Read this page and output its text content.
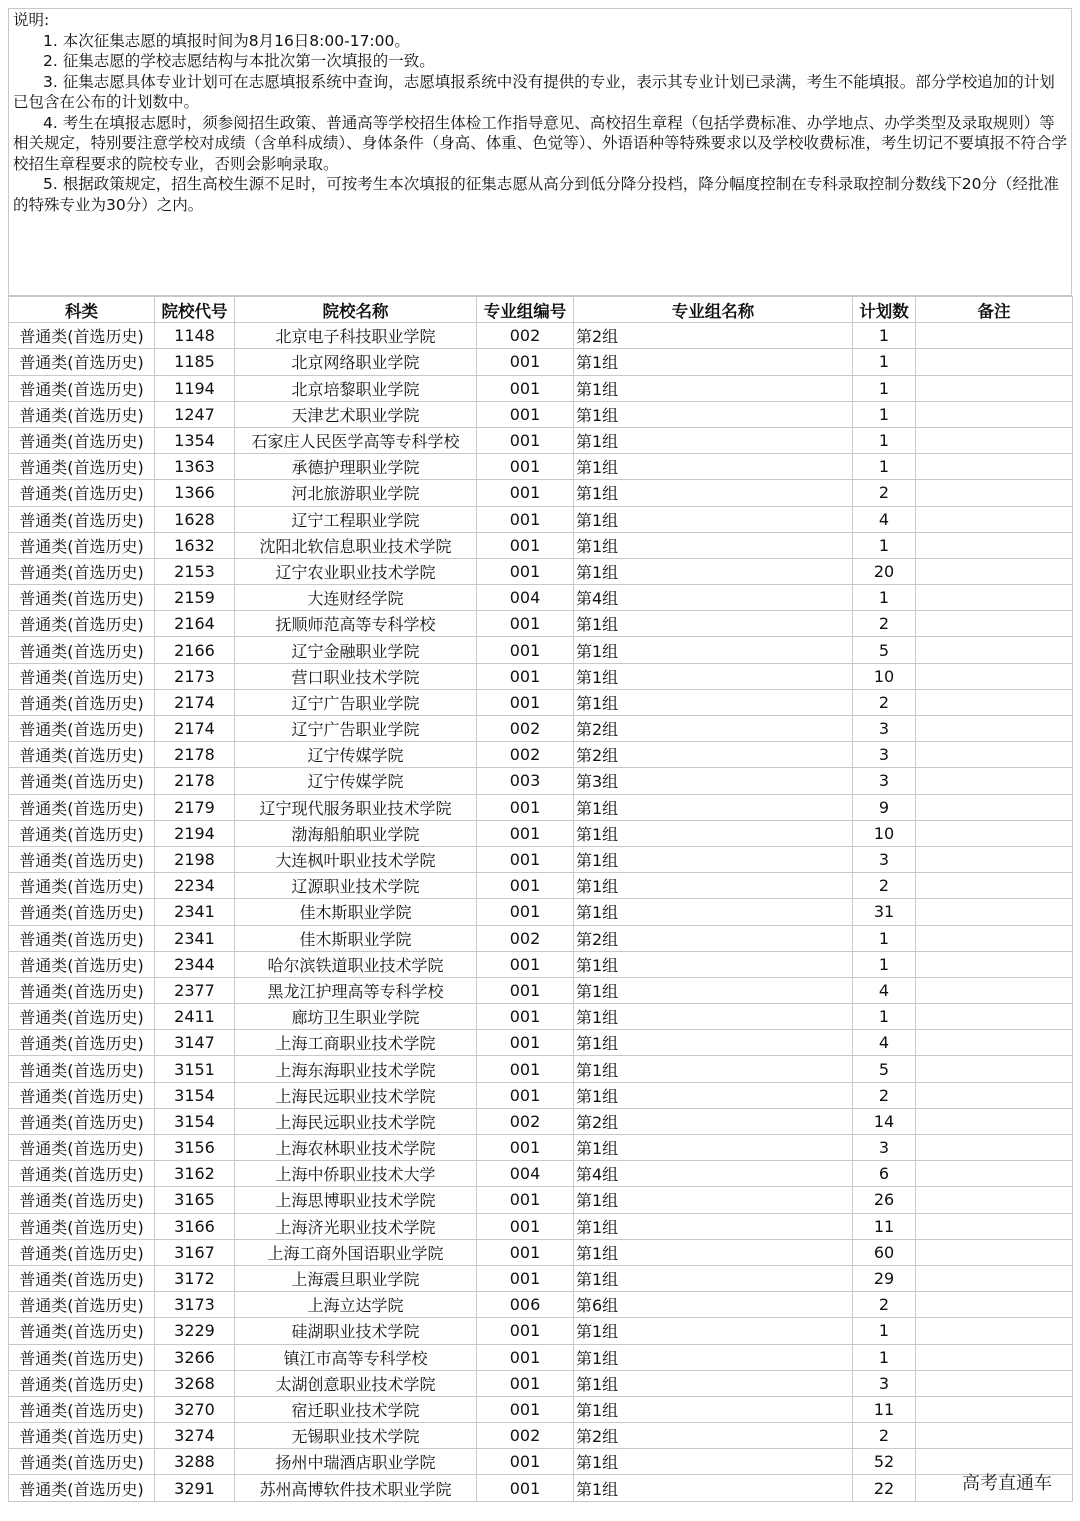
说明:

1. 本次征集志愿的填报时间为8月16日8:00-17:00。

2. 征集志愿的学校志愿结构与本批次第一次填报的一致。

3. 征集志愿具体专业计划可在志愿填报系统中查询，志愿填报系统中没有提供的专业，表示其专业计划已录满，考生不能填报。部分学校追加的计划已包含在公布的计划数中。

4. 考生在填报志愿时，须参阅招生政策、普通高等学校招生体检工作指导意见、高校招生章程（包括学费标准、办学地点、办学类型及录取规则）等相关规定，特别要注意学校对成绩（含单科成绩）、身体条件（身高、体重、色觉等）、外语语种等特殊要求以及学校收费标准，考生切记不要填报不符合学校招生章程要求的院校专业，否则会影响录取。

5. 根据政策规定，招生高校生源不足时，可按考生本次填报的征集志愿从高分到低分降分投档，降分幅度控制在专科录取控制分数线下20分（经批准的特殊专业为30分）之内。

科类	院校代号	院校名称	专业组编号	专业组名称	计划数	备注
普通类(首选历史)	1148	北京电子科技职业学院	002	第2组	1	
普通类(首选历史)	1185	北京网络职业学院	001	第1组	1	
普通类(首选历史)	1194	北京培黎职业学院	001	第1组	1	
普通类(首选历史)	1247	天津艺术职业学院	001	第1组	1	
普通类(首选历史)	1354	石家庄人民医学高等专科学校	001	第1组	1	
普通类(首选历史)	1363	承德护理职业学院	001	第1组	1	
普通类(首选历史)	1366	河北旅游职业学院	001	第1组	2	
普通类(首选历史)	1628	辽宁工程职业学院	001	第1组	4	
普通类(首选历史)	1632	沈阳北软信息职业技术学院	001	第1组	1	
普通类(首选历史)	2153	辽宁农业职业技术学院	001	第1组	20	
普通类(首选历史)	2159	大连财经学院	004	第4组	1	
普通类(首选历史)	2164	抚顺师范高等专科学校	001	第1组	2	
普通类(首选历史)	2166	辽宁金融职业学院	001	第1组	5	
普通类(首选历史)	2173	营口职业技术学院	001	第1组	10	
普通类(首选历史)	2174	辽宁广告职业学院	001	第1组	2	
普通类(首选历史)	2174	辽宁广告职业学院	002	第2组	3	
普通类(首选历史)	2178	辽宁传媒学院	002	第2组	3	
普通类(首选历史)	2178	辽宁传媒学院	003	第3组	3	
普通类(首选历史)	2179	辽宁现代服务职业技术学院	001	第1组	9	
普通类(首选历史)	2194	渤海船舶职业学院	001	第1组	10	
普通类(首选历史)	2198	大连枫叶职业技术学院	001	第1组	3	
普通类(首选历史)	2234	辽源职业技术学院	001	第1组	2	
普通类(首选历史)	2341	佳木斯职业学院	001	第1组	31	
普通类(首选历史)	2341	佳木斯职业学院	002	第2组	1	
普通类(首选历史)	2344	哈尔滨铁道职业技术学院	001	第1组	1	
普通类(首选历史)	2377	黑龙江护理高等专科学校	001	第1组	4	
普通类(首选历史)	2411	廊坊卫生职业学院	001	第1组	1	
普通类(首选历史)	3147	上海工商职业技术学院	001	第1组	4	
普通类(首选历史)	3151	上海东海职业技术学院	001	第1组	5	
普通类(首选历史)	3154	上海民远职业技术学院	001	第1组	2	
普通类(首选历史)	3154	上海民远职业技术学院	002	第2组	14	
普通类(首选历史)	3156	上海农林职业技术学院	001	第1组	3	
普通类(首选历史)	3162	上海中侨职业技术大学	004	第4组	6	
普通类(首选历史)	3165	上海思博职业技术学院	001	第1组	26	
普通类(首选历史)	3166	上海济光职业技术学院	001	第1组	11	
普通类(首选历史)	3167	上海工商外国语职业学院	001	第1组	60	
普通类(首选历史)	3172	上海震旦职业学院	001	第1组	29	
普通类(首选历史)	3173	上海立达学院	006	第6组	2	
普通类(首选历史)	3229	硅湖职业技术学院	001	第1组	1	
普通类(首选历史)	3266	镇江市高等专科学校	001	第1组	1	
普通类(首选历史)	3268	太湖创意职业技术学院	001	第1组	3	
普通类(首选历史)	3270	宿迁职业技术学院	001	第1组	11	
普通类(首选历史)	3274	无锡职业技术学院	002	第2组	2	
普通类(首选历史)	3288	扬州中瑞酒店职业学院	001	第1组	52	
普通类(首选历史)	3291	苏州高博软件技术职业学院	001	第1组	22		高考直通车
